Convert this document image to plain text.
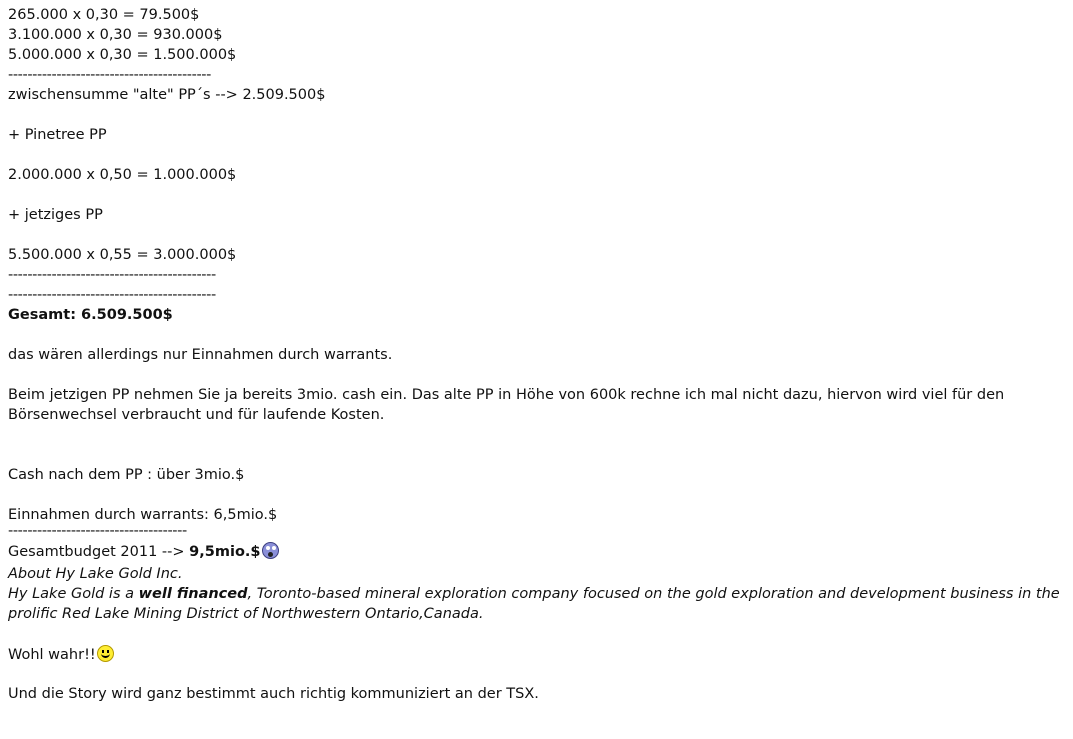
265.000 x 0,30 = 79.500$
3.100.000 x 0,30 = 930.000$
5.000.000 x 0,30 = 1.500.000$
------------------------------------------
zwischensumme "alte" PP´s --> 2.509.500$
+ Pinetree PP
2.000.000 x 0,50 = 1.000.000$
+ jetziges PP
5.500.000 x 0,55 = 3.000.000$
-------------------------------------------
-------------------------------------------
Gesamt: 6.509.500$
das wären allerdings nur Einnahmen durch warrants.
Beim jetzigen PP nehmen Sie ja bereits 3mio. cash ein. Das alte PP in Höhe von 600k rechne ich mal nicht dazu, hiervon wird viel für den Börsenwechsel verbraucht und für laufende Kosten.
Cash nach dem PP : über 3mio.$
Einnahmen durch warrants: 6,5mio.$
-------------------------------------
Gesamtbudget 2011 --> 9,5mio.$
About Hy Lake Gold Inc.
Hy Lake Gold is a well financed, Toronto-based mineral exploration company focused on the gold exploration and development business in the prolific Red Lake Mining District of Northwestern Ontario,Canada.
Wohl wahr!!
Und die Story wird ganz bestimmt auch richtig kommuniziert an der TSX.
